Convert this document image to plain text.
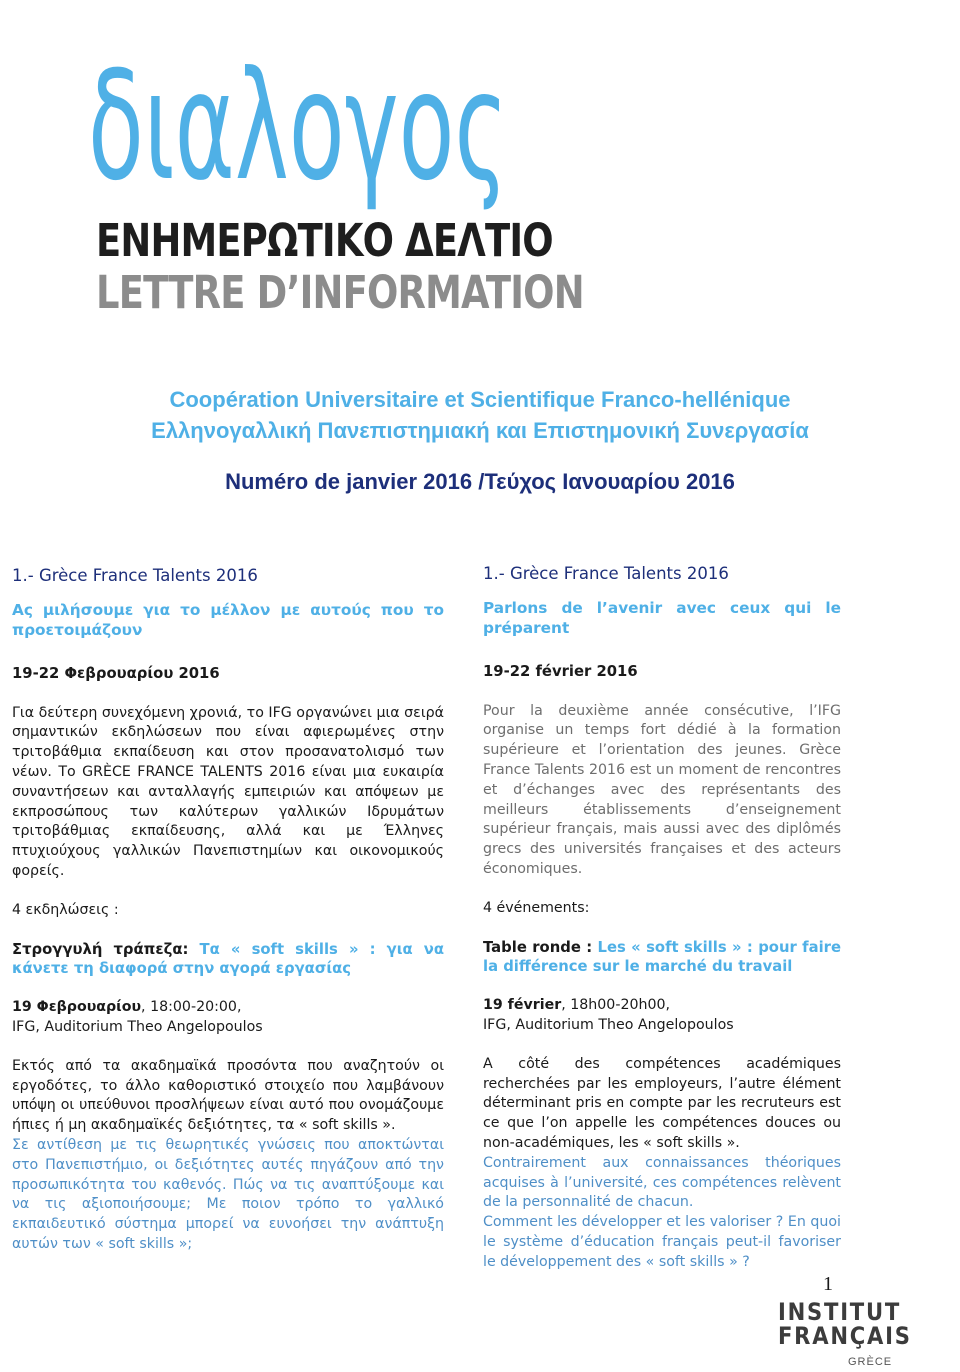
διαλογος
ΕΝΗΜΕΡΩΤΙΚΟ ΔΕΛΤΙΟ
LETTRE D’INFORMATION
Coopération Universitaire et Scientifique Franco-hellénique
Ελληνογαλλική Πανεπιστημιακή και Επιστημονική Συνεργασία
Numéro de janvier 2016 /Τεύχος Ιανουαρίου 2016
1.- Grèce France Talents 2016
Ας μιλήσουμε για το μέλλον με αυτούς που το προετοιμάζουν
19-22 Φεβρουαρίου 2016
Για δεύτερη συνεχόμενη χρονιά, το IFG οργανώνει μια σειρά σημαντικών εκδηλώσεων που είναι αφιερωμένες στην τριτοβάθμια εκπαίδευση και στον προσανατολισμό των νέων. Το GRÈCE FRANCE TALENTS 2016 είναι μια ευκαιρία συναντήσεων και ανταλλαγής εμπειριών και απόψεων με εκπροσώπους των καλύτερων γαλλικών Ιδρυμάτων τριτοβάθμιας εκπαίδευσης, αλλά και με Έλληνες πτυχιούχους γαλλικών Πανεπιστημίων και οικονομικούς φορείς.
4 εκδηλώσεις :
Στρογγυλή τράπεζα: Τα « soft skills » : για να κάνετε τη διαφορά στην αγορά εργασίας
19 Φεβρουαρίου, 18:00-20:00,
IFG, Auditorium Theo Angelopoulos
Εκτός από τα ακαδημαϊκά προσόντα που αναζητούν οι εργοδότες, το άλλο καθοριστικό στοιχείο που λαμβάνουν υπόψη οι υπεύθυνοι προσλήψεων είναι αυτό που ονομάζουμε ήπιες ή μη ακαδημαϊκές δεξιότητες, τα « soft skills ».
Σε αντίθεση με τις θεωρητικές γνώσεις που αποκτώνται στο Πανεπιστήμιο, οι δεξιότητες αυτές πηγάζουν από την προσωπικότητα του καθενός. Πώς να τις αναπτύξουμε και να τις αξιοποιήσουμε; Με ποιον τρόπο το γαλλικό εκπαιδευτικό σύστημα μπορεί να ευνοήσει την ανάπτυξη αυτών των « soft skills »;
1.- Grèce France Talents 2016
Parlons de l’avenir avec ceux qui le préparent
19-22 février 2016
Pour la deuxième année consécutive, l’IFG organise un temps fort dédié à la formation supérieure et l’orientation des jeunes. Grèce France Talents 2016 est un moment de rencontres et d’échanges avec des représentants des meilleurs établissements d’enseignement supérieur français, mais aussi avec des diplômés grecs des universités françaises et des acteurs économiques.
4 événements:
Table ronde : Les « soft skills » : pour faire la différence sur le marché du travail
19 février, 18h00-20h00,
IFG, Auditorium Theo Angelopoulos
A côté des compétences académiques recherchées par les employeurs, l’autre élément déterminant pris en compte par les recruteurs est ce que l’on appelle les compétences douces ou non-académiques, les « soft skills ».
Contrairement aux connaissances théoriques acquises à l’université, ces compétences relèvent de la personnalité de chacun.
Comment les développer et les valoriser ? En quoi le système d’éducation français peut-il favoriser le développement des « soft skills » ?
1
INSTITUT
FRANÇAIS
GRÈCE
